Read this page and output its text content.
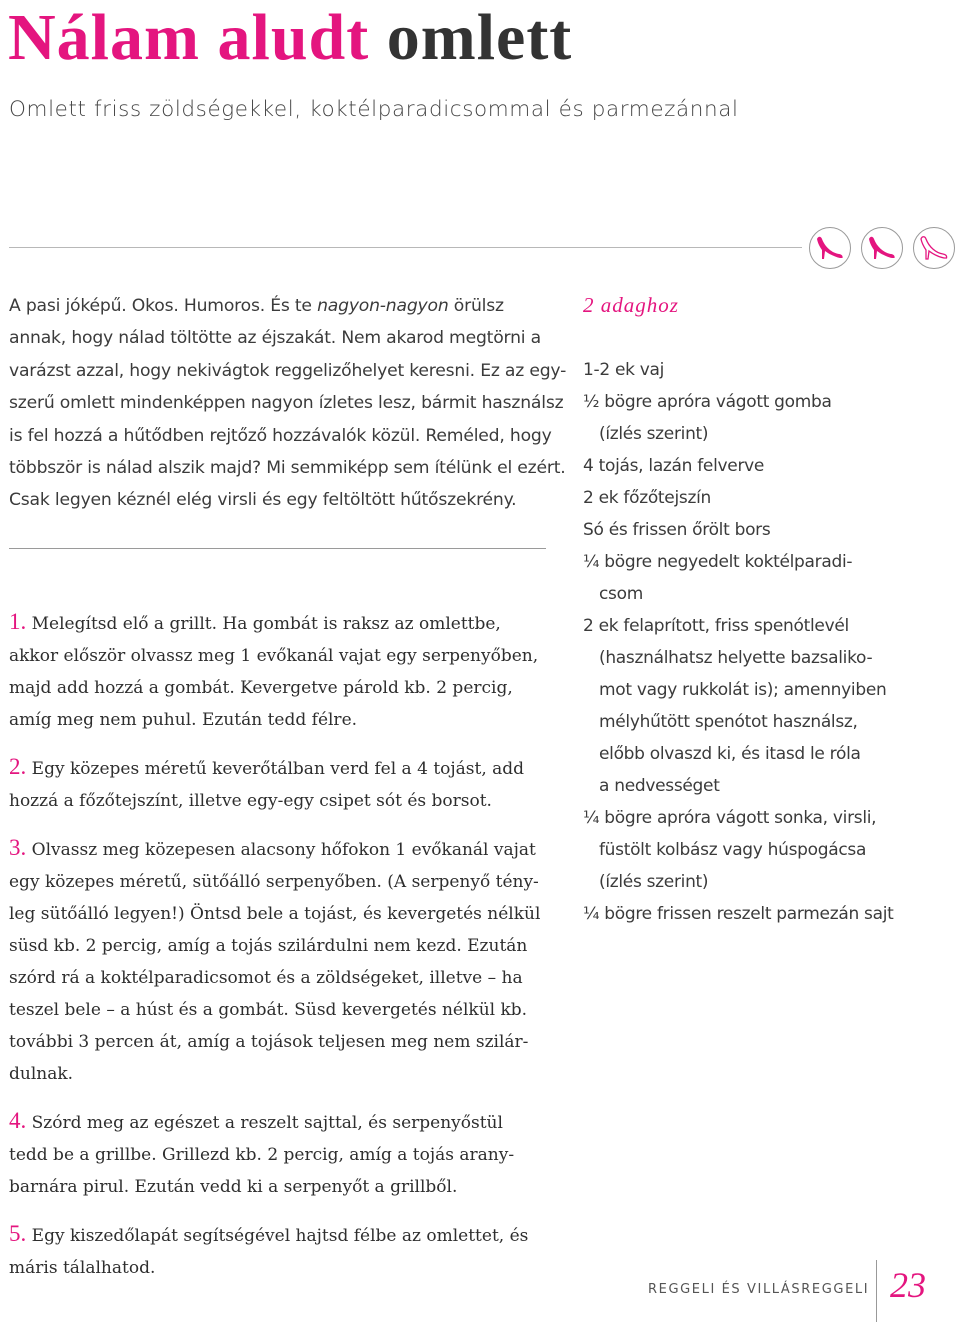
Nálam aludt omlett
Omlett friss zöldségekkel, koktélparadicsommal és parmezánnal

A pasi jóképű. Okos. Humoros. És te nagyon-nagyon örülsz

annak, hogy nálad töltötte az éjszakát. Nem akarod megtörni a

varázst azzal, hogy nekivágtok reggelizőhelyet keresni. Ez az egy-

szerű omlett mindenképpen nagyon ízletes lesz, bármit használsz

is fel hozzá a hűtődben rejtőző hozzávalók közül. Reméled, hogy

többször is nálad alszik majd? Mi semmiképp sem ítélünk el ezért.

Csak legyen kéznél elég virsli és egy feltöltött hűtőszekrény.

1. Melegítsd elő a grillt. Ha gombát is raksz az omlettbe,

akkor először olvassz meg 1 evőkanál vajat egy serpenyőben,

majd add hozzá a gombát. Kevergetve párold kb. 2 percig,

amíg meg nem puhul. Ezután tedd félre.

2. Egy közepes méretű keverőtálban verd fel a 4 tojást, add

hozzá a főzőtejszínt, illetve egy-egy csipet sót és borsot.

3. Olvassz meg közepesen alacsony hőfokon 1 evőkanál vajat

egy közepes méretű, sütőálló serpenyőben. (A serpenyő tény-

leg sütőálló legyen!) Öntsd bele a tojást, és kevergetés nélkül

süsd kb. 2 percig, amíg a tojás szilárdulni nem kezd. Ezután

szórd rá a koktélparadicsomot és a zöldségeket, illetve – ha

teszel bele – a húst és a gombát. Süsd kevergetés nélkül kb.

további 3 percen át, amíg a tojások teljesen meg nem szilár-

dulnak.

4. Szórd meg az egészet a reszelt sajttal, és serpenyőstül

tedd be a grillbe. Grillezd kb. 2 percig, amíg a tojás arany-

barnára pirul. Ezután vedd ki a serpenyőt a grillből.

5. Egy kiszedőlapát segítségével hajtsd félbe az omlettet, és

máris tálalhatod.

2 adaghoz

1-2 ek vaj

½ bögre apróra vágott gomba

(ízlés szerint)

4 tojás, lazán felverve

2 ek főzőtejszín

Só és frissen őrölt bors

¼ bögre negyedelt koktélparadi-

csom

2 ek felaprított, friss spenótlevél

(használhatsz helyette bazsaliko-

mot vagy rukkolát is); amennyiben

mélyhűtött spenótot használsz,

előbb olvaszd ki, és itasd le róla

a nedvességet

¼ bögre apróra vágott sonka, virsli,

füstölt kolbász vagy húspogácsa

(ízlés szerint)

¼ bögre frissen reszelt parmezán sajt

REGGELI ÉS VILLÁSREGGELI 23
